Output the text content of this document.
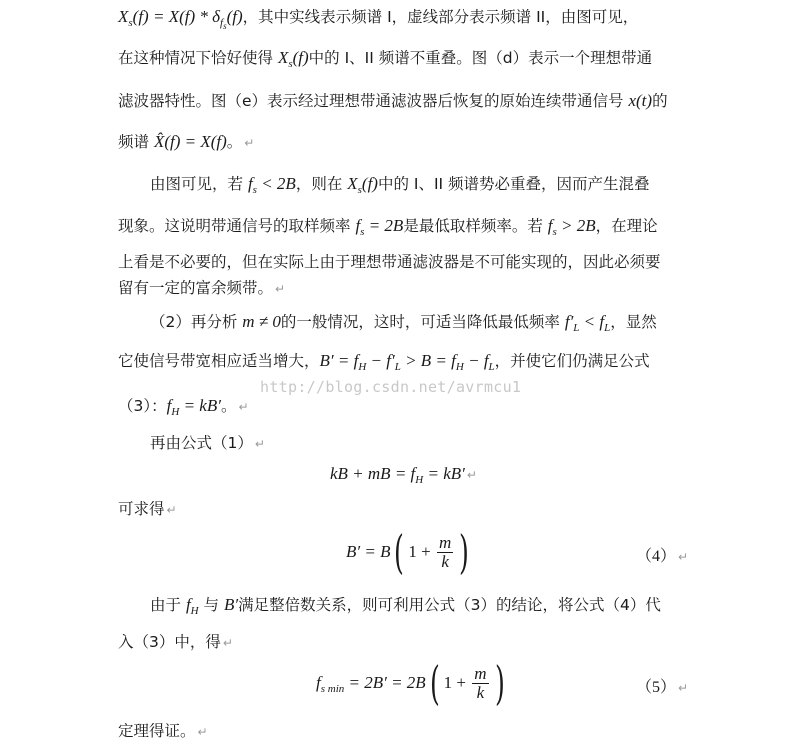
$X_s(f) = X(f) * \delta_{f_s}(f)$，其中实线表示频谱 I，虚线部分表示频谱 II，由图可见，
在这种情况下恰好使得 $X_s(f)$中的 I、II 频谱不重叠。图（d）表示一个理想带通
滤波器特性。图（e）表示经过理想带通滤波器后恢复的原始连续带通信号 x(t)的
频谱 X̂(f) = X(f)。 ↵
由图可见，若 $f_s < 2B$，则在 $X_s(f)$中的 I、II 频谱势必重叠，因而产生混叠
现象。这说明带通信号的取样频率 $f_s = 2B$是最低取样频率。若 $f_s > 2B$，在理论
上看是不必要的，但在实际上由于理想带通滤波器是不可能实现的，因此必须要
留有一定的富余频带。 ↵
（2）再分析 m ≠ 0的一般情况，这时，可适当降低最低频率 $f'_L < f_L$，显然
它使信号带宽相应适当增大，$B' = f_H - f'_L > B = f_H - f_L$，并使它们仍满足公式
http://blog.csdn.net/avrmcu1
（3）：$f_H = kB'$。 ↵
再由公式（1） ↵
kB + mB = $f_H = kB'$ ↵
可求得 ↵
B′ = B( $1 + \frac{m}{k}$ )	（4） ↵
由于 $f_H$ 与 B′满足整倍数关系，则可利用公式（3）的结论，将公式（4）代
入（3）中，得 ↵
$f_{s min} = 2B' = 2B$( $1 + \frac{m}{k}$ )	（5） ↵
定理得证。 ↵
